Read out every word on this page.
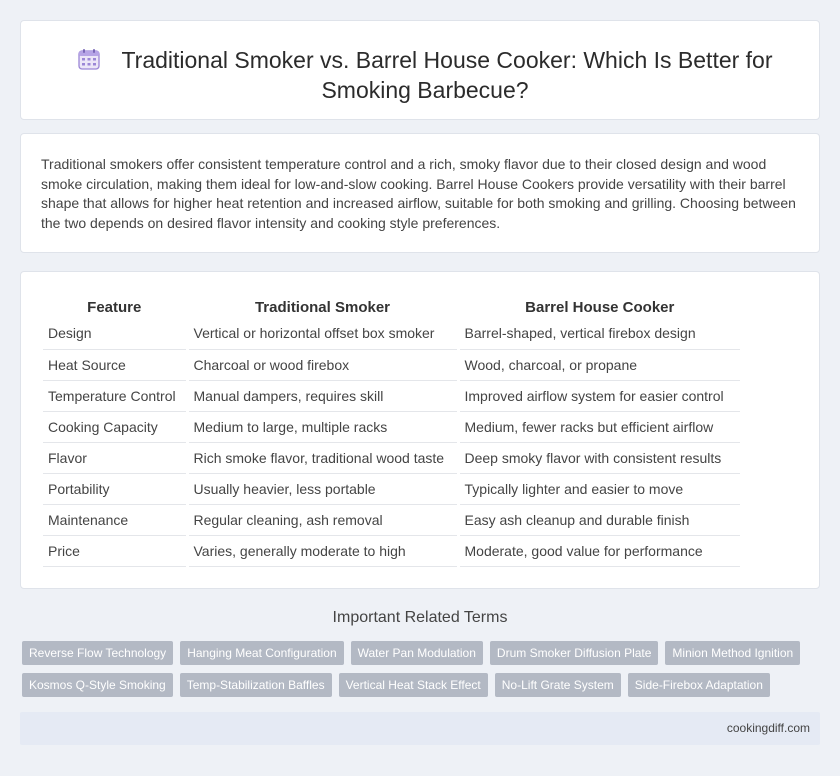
Traditional Smoker vs. Barrel House Cooker: Which Is Better for Smoking Barbecue?

Traditional smokers offer consistent temperature control and a rich, smoky flavor due to their closed design and wood smoke circulation, making them ideal for low-and-slow cooking. Barrel House Cookers provide versatility with their barrel shape that allows for higher heat retention and increased airflow, suitable for both smoking and grilling. Choosing between the two depends on desired flavor intensity and cooking style preferences.

Feature	Traditional Smoker	Barrel House Cooker
Design	Vertical or horizontal offset box smoker	Barrel-shaped, vertical firebox design
Heat Source	Charcoal or wood firebox	Wood, charcoal, or propane
Temperature Control	Manual dampers, requires skill	Improved airflow system for easier control
Cooking Capacity	Medium to large, multiple racks	Medium, fewer racks but efficient airflow
Flavor	Rich smoke flavor, traditional wood taste	Deep smoky flavor with consistent results
Portability	Usually heavier, less portable	Typically lighter and easier to move
Maintenance	Regular cleaning, ash removal	Easy ash cleanup and durable finish
Price	Varies, generally moderate to high	Moderate, good value for performance
Important Related Terms
Reverse Flow Technology	Hanging Meat Configuration	Water Pan Modulation	Drum Smoker Diffusion Plate	Minion Method Ignition
Kosmos Q-Style Smoking	Temp-Stabilization Baffles	Vertical Heat Stack Effect	No-Lift Grate System	Side-Firebox Adaptation
cookingdiff.com
